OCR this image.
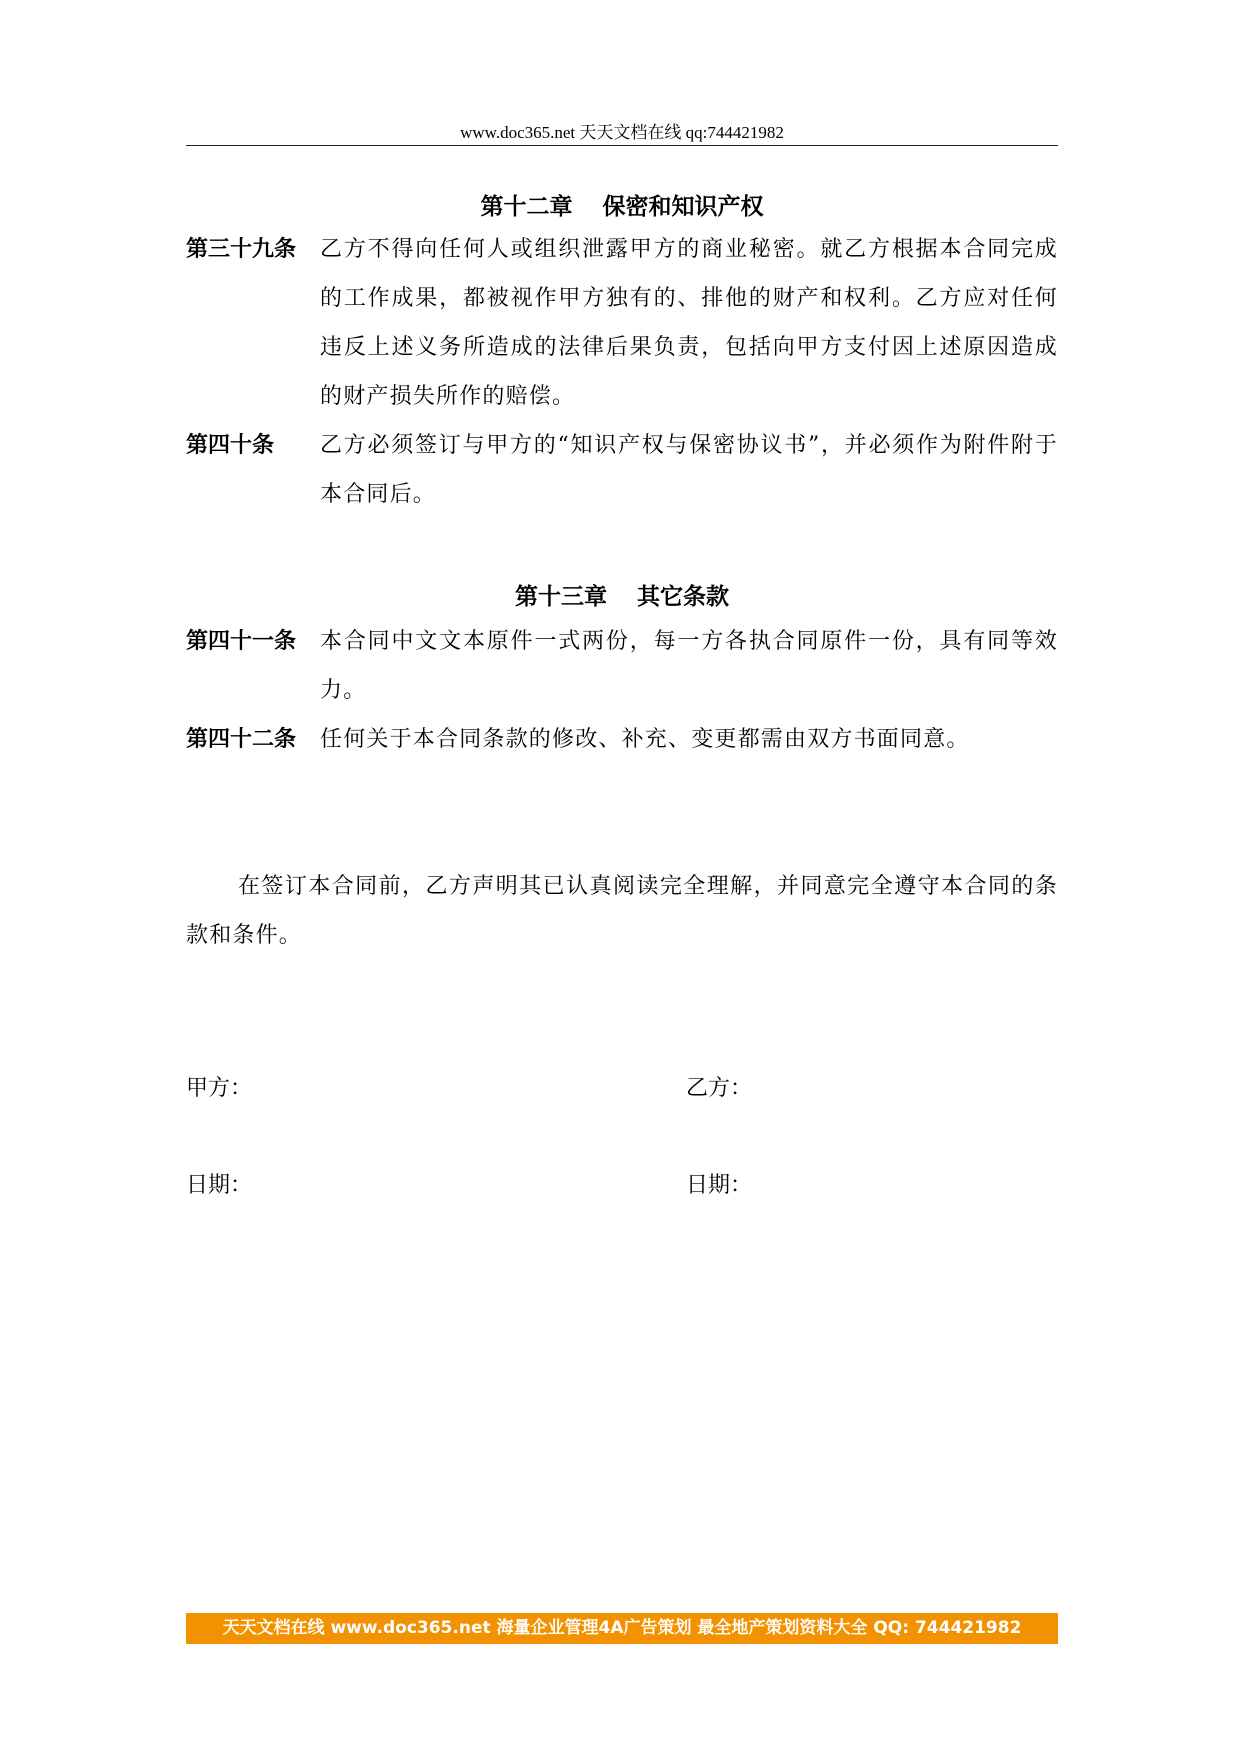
www.doc365.net 天天文档在线 qq:744421982
第十二章 保密和知识产权
第三十九条 乙方不得向任何人或组织泄露甲方的商业秘密。就乙方根据本合同完成的工作成果，都被视作甲方独有的、排他的财产和权利。乙方应对任何违反上述义务所造成的法律后果负责，包括向甲方支付因上述原因造成的财产损失所作的赔偿。
第四十条 乙方必须签订与甲方的“知识产权与保密协议书”，并必须作为附件附于本合同后。
第十三章 其它条款
第四十一条 本合同中文文本原件一式两份，每一方各执合同原件一份，具有同等效力。
第四十二条 任何关于本合同条款的修改、补充、变更都需由双方书面同意。
在签订本合同前，乙方声明其已认真阅读完全理解，并同意完全遵守本合同的条款和条件。
甲方：	乙方：
日期：	日期：
天天文档在线 www.doc365.net 海量企业管理4A广告策划 最全地产策划资料大全 QQ: 744421982
